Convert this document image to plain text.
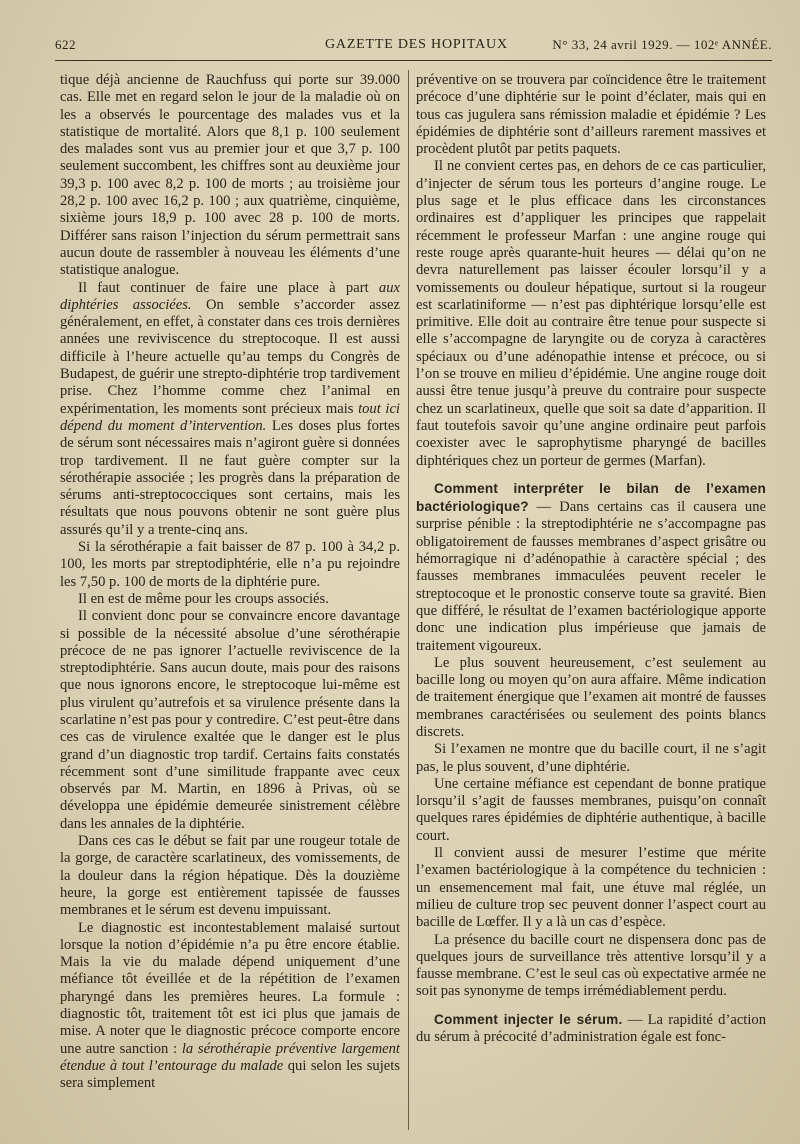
622	GAZETTE DES HOPITAUX	N° 33, 24 avril 1929. — 102ᵉ ANNÉE.

tique déjà ancienne de Rauchfuss qui porte sur 39.000 cas. Elle met en regard selon le jour de la maladie où on les a observés le pourcentage des malades vus et la statistique de mortalité. Alors que 8,1 p. 100 seulement des malades sont vus au premier jour et que 3,7 p. 100 seulement succombent, les chiffres sont au deuxième jour 39,3 p. 100 avec 8,2 p. 100 de morts ; au troisième jour 28,2 p. 100 avec 16,2 p. 100 ; aux quatrième, cinquième, sixième jours 18,9 p. 100 avec 28 p. 100 de morts. Différer sans raison l’injection du sérum permettrait sans aucun doute de rassembler à nouveau les éléments d’une statistique analogue.

Il faut continuer de faire une place à part aux diphtéries associées. On semble s’accorder assez généralement, en effet, à constater dans ces trois dernières années une reviviscence du streptocoque. Il est aussi difficile à l’heure actuelle qu’au temps du Congrès de Budapest, de guérir une strepto-diphtérie trop tardivement prise. Chez l’homme comme chez l’animal en expérimentation, les moments sont précieux mais tout ici dépend du moment d’intervention. Les doses plus fortes de sérum sont nécessaires mais n’agiront guère si données trop tardivement. Il ne faut guère compter sur la sérothérapie associée ; les progrès dans la préparation de sérums anti-streptococciques sont certains, mais les résultats que nous pouvons obtenir ne sont guère plus assurés qu’il y a trente-cinq ans.

Si la sérothérapie a fait baisser de 87 p. 100 à 34,2 p. 100, les morts par streptodiphtérie, elle n’a pu rejoindre les 7,50 p. 100 de morts de la diphtérie pure.

Il en est de même pour les croups associés.

Il convient donc pour se convaincre encore davantage si possible de la nécessité absolue d’une sérothérapie précoce de ne pas ignorer l’actuelle reviviscence de la streptodiphtérie. Sans aucun doute, mais pour des raisons que nous ignorons encore, le streptocoque lui-même est plus virulent qu’autrefois et sa virulence présente dans la scarlatine n’est pas pour y contredire. C’est peut-être dans ces cas de virulence exaltée que le danger est le plus grand d’un diagnostic trop tardif. Certains faits constatés récemment sont d’une similitude frappante avec ceux observés par M. Martin, en 1896 à Privas, où se développa une épidémie demeurée sinistrement célèbre dans les annales de la diphtérie.

Dans ces cas le début se fait par une rougeur totale de la gorge, de caractère scarlatineux, des vomissements, de la douleur dans la région hépatique. Dès la douzième heure, la gorge est entièrement tapissée de fausses membranes et le sérum est devenu impuissant.

Le diagnostic est incontestablement malaisé surtout lorsque la notion d’épidémie n’a pu être encore établie. Mais la vie du malade dépend uniquement d’une méfiance tôt éveillée et de la répétition de l’examen pharyngé dans les premières heures. La formule : diagnostic tôt, traitement tôt est ici plus que jamais de mise. A noter que le diagnostic précoce comporte encore une autre sanction : la sérothérapie préventive largement étendue à tout l’entourage du malade qui selon les sujets sera simplement

préventive on se trouvera par coïncidence être le traitement précoce d’une diphtérie sur le point d’éclater, mais qui en tous cas jugulera sans rémission maladie et épidémie ? Les épidémies de diphtérie sont d’ailleurs rarement massives et procèdent plutôt par petits paquets.

Il ne convient certes pas, en dehors de ce cas particulier, d’injecter de sérum tous les porteurs d’angine rouge. Le plus sage et le plus efficace dans les circonstances ordinaires est d’appliquer les principes que rappelait récemment le professeur Marfan : une angine rouge qui reste rouge après quarante-huit heures — délai qu’on ne devra naturellement pas laisser écouler lorsqu’il y a vomissements ou douleur hépatique, surtout si la rougeur est scarlatiniforme — n’est pas diphtérique lorsqu’elle est primitive. Elle doit au contraire être tenue pour suspecte si elle s’accompagne de laryngite ou de coryza à caractères spéciaux ou d’une adénopathie intense et précoce, ou si l’on se trouve en milieu d’épidémie. Une angine rouge doit aussi être tenue jusqu’à preuve du contraire pour suspecte chez un scarlatineux, quelle que soit sa date d’apparition. Il faut toutefois savoir qu’une angine ordinaire peut parfois coexister avec le saprophytisme pharyngé de bacilles diphtériques chez un porteur de germes (Marfan).

Comment interpréter le bilan de l’examen bactériologique? — Dans certains cas il causera une surprise pénible : la streptodiphtérie ne s’accompagne pas obligatoirement de fausses membranes d’aspect grisâtre ou hémorragique ni d’adénopathie à caractère spécial ; des fausses membranes immaculées peuvent receler le streptocoque et le pronostic conserve toute sa gravité. Bien que différé, le résultat de l’examen bactériologique apporte donc une indication plus impérieuse que jamais de traitement vigoureux.

Le plus souvent heureusement, c’est seulement au bacille long ou moyen qu’on aura affaire. Même indication de traitement énergique que l’examen ait montré de fausses membranes caractérisées ou seulement des points blancs discrets.

Si l’examen ne montre que du bacille court, il ne s’agit pas, le plus souvent, d’une diphtérie.

Une certaine méfiance est cependant de bonne pratique lorsqu’il s’agit de fausses membranes, puisqu’on connaît quelques rares épidémies de diphtérie authentique, à bacille court.

Il convient aussi de mesurer l’estime que mérite l’examen bactériologique à la compétence du technicien : un ensemencement mal fait, une étuve mal réglée, un milieu de culture trop sec peuvent donner l’aspect court au bacille de Lœffer. Il y a là un cas d’espèce.

La présence du bacille court ne dispensera donc pas de quelques jours de surveillance très attentive lorsqu’il y a fausse membrane. C’est le seul cas où expectative armée ne soit pas synonyme de temps irrémédiablement perdu.

Comment injecter le sérum. — La rapidité d’action du sérum à précocité d’administration égale est fonc-
